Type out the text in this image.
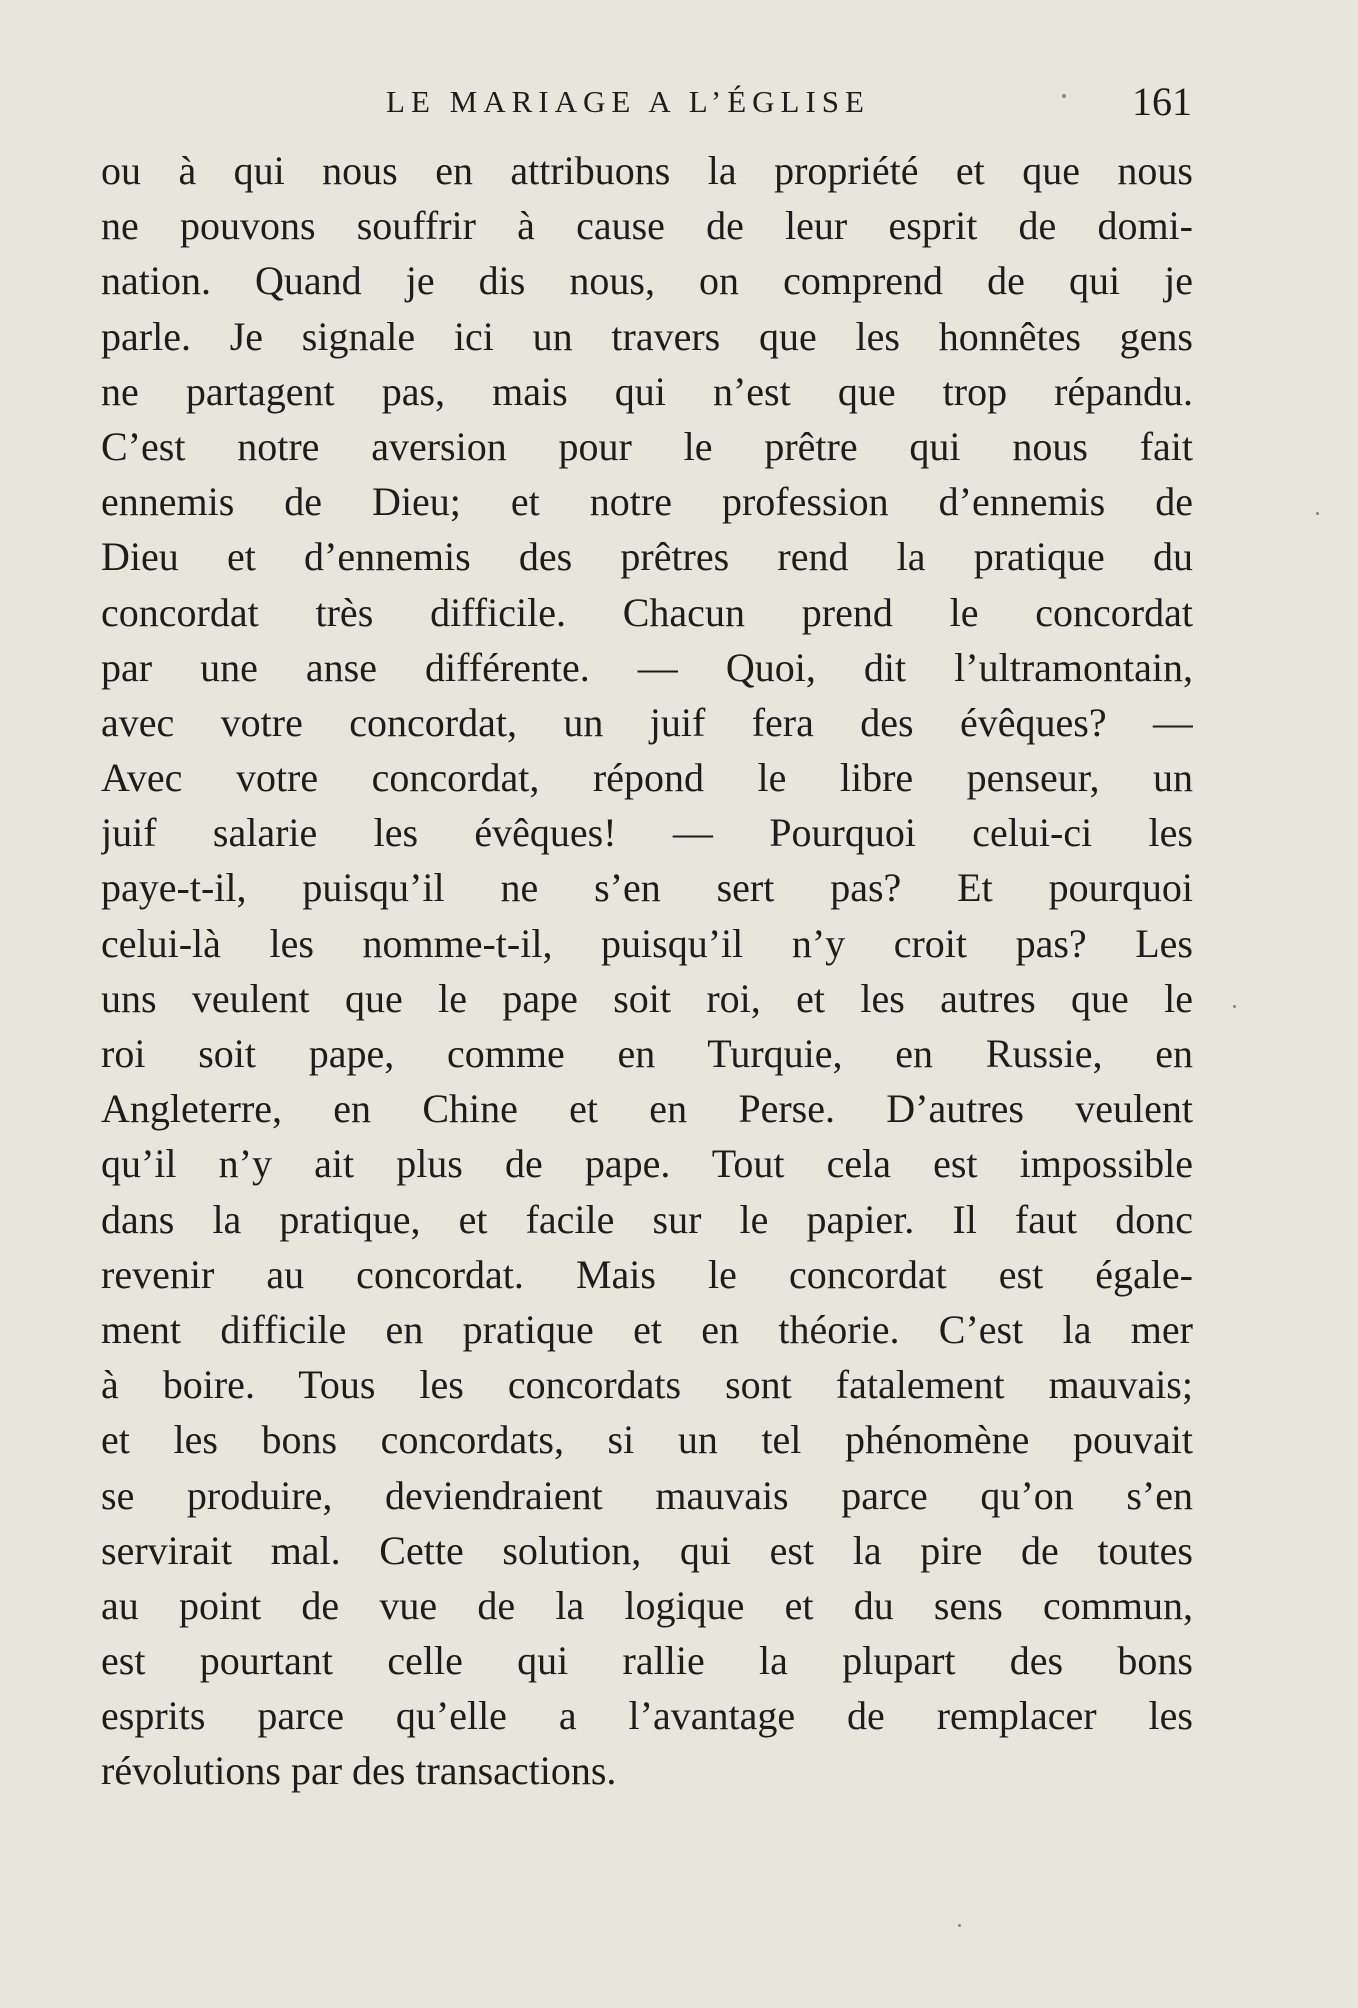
LE MARIAGE A L’ÉGLISE	161
ou à qui nous en attribuons la propriété et que nous
ne pouvons souffrir à cause de leur esprit de domi-
nation. Quand je dis nous, on comprend de qui je
parle. Je signale ici un travers que les honnêtes gens
ne partagent pas, mais qui n’est que trop répandu.
C’est notre aversion pour le prêtre qui nous fait
ennemis de Dieu; et notre profession d’ennemis de
Dieu et d’ennemis des prêtres rend la pratique du
concordat très difficile. Chacun prend le concordat
par une anse différente. — Quoi, dit l’ultramontain,
avec votre concordat, un juif fera des évêques? —
Avec votre concordat, répond le libre penseur, un
juif salarie les évêques! — Pourquoi celui-ci les
paye-t-il, puisqu’il ne s’en sert pas? Et pourquoi
celui-là les nomme-t-il, puisqu’il n’y croit pas? Les
uns veulent que le pape soit roi, et les autres que le
roi soit pape, comme en Turquie, en Russie, en
Angleterre, en Chine et en Perse. D’autres veulent
qu’il n’y ait plus de pape. Tout cela est impossible
dans la pratique, et facile sur le papier. Il faut donc
revenir au concordat. Mais le concordat est égale-
ment difficile en pratique et en théorie. C’est la mer
à boire. Tous les concordats sont fatalement mauvais;
et les bons concordats, si un tel phénomène pouvait
se produire, deviendraient mauvais parce qu’on s’en
servirait mal. Cette solution, qui est la pire de toutes
au point de vue de la logique et du sens commun,
est pourtant celle qui rallie la plupart des bons
esprits parce qu’elle a l’avantage de remplacer les
révolutions par des transactions.
